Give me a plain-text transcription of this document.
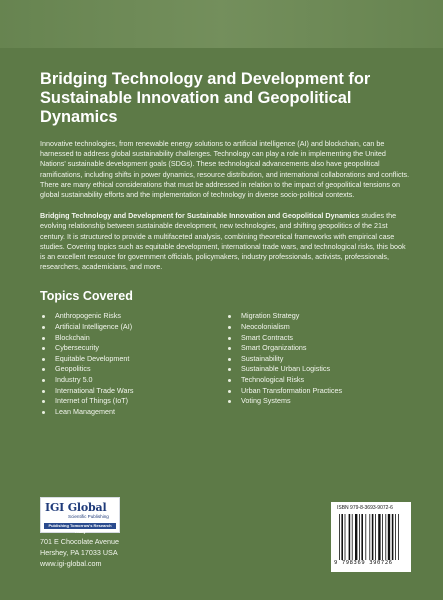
Bridging Technology and Development for Sustainable Innovation and Geopolitical Dynamics

Innovative technologies, from renewable energy solutions to artificial intelligence (AI) and blockchain, can be harnessed to address global sustainability challenges. Technology can play a role in implementing the United Nations' sustainable development goals (SDGs). These technological advancements also have geopolitical ramifications, including shifts in power dynamics, resource distribution, and international collaborations and conflicts. There are many ethical considerations that must be addressed in relation to the impact of geopolitical tensions on global sustainability efforts and the implementation of technology in diverse socio-political contexts.

Bridging Technology and Development for Sustainable Innovation and Geopolitical Dynamics studies the evolving relationship between sustainable development, new technologies, and shifting geopolitics of the 21st century. It is structured to provide a multifaceted analysis, combining theoretical frameworks with empirical case studies. Covering topics such as equitable development, international trade wars, and technological risks, this book is an excellent resource for government officials, policymakers, industry professionals, activists, professionals, researchers, academicians, and more.

Topics Covered
Anthropogenic Risks
Artificial Intelligence (AI)
Blockchain
Cybersecurity
Equitable Development
Geopolitics
Industry 5.0
International Trade Wars
Internet of Things (IoT)
Lean Management
Migration Strategy
Neocolonialism
Smart Contracts
Smart Organizations
Sustainability
Sustainable Urban Logistics
Technological Risks
Urban Transformation Practices
Voting Systems
IGI Global
Scientific Publishing
Publishing Tomorrow's Research Today
701 E Chocolate Avenue
Hershey, PA 17033 USA
www.igi-global.com
ISBN 979-8-3693-9072-6
9 798369 390726
